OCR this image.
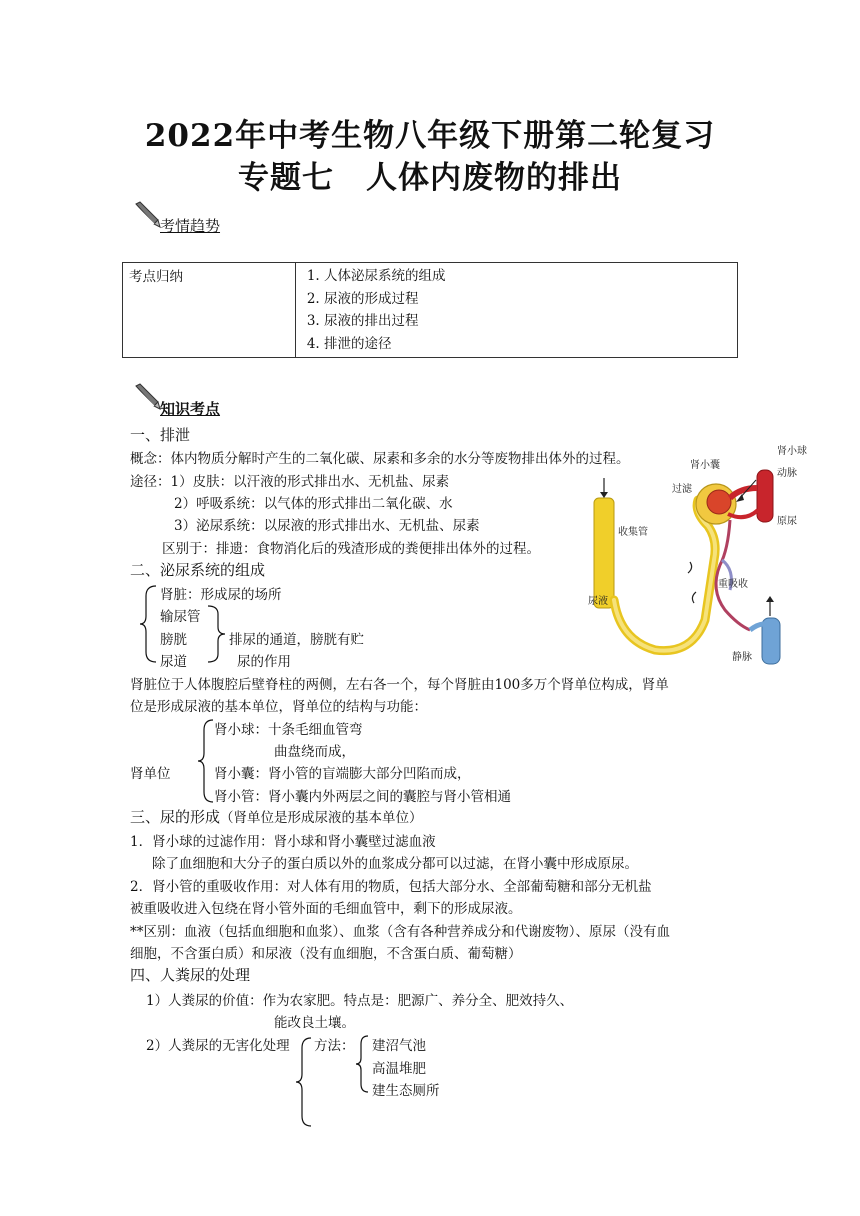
2022年中考生物八年级下册第二轮复习
专题七　人体内废物的排出
考情趋势
考点归纳	
1.人体泌尿系统的组成
2. 尿液的形成过程
3. 尿液的排出过程
4. 排泄的途径
知识考点
一、排泄
概念：体内物质分解时产生的二氧化碳、尿素和多余的水分等废物排出体外的过程。
途径：1）皮肤：以汗液的形式排出水、无机盐、尿素
2）呼吸系统：以气体的形式排出二氧化碳、水
3）泌尿系统：以尿液的形式排出水、无机盐、尿素
区别于：排遗：食物消化后的残渣形成的粪便排出体外的过程。
二、泌尿系统的组成
肾脏：形成尿的场所
输尿管
膀胱
尿道
排尿的通道，膀胱有贮
尿的作用
肾脏位于人体腹腔后壁脊柱的两侧，左右各一个，每个肾脏由100多万个肾单位构成，肾单
位是形成尿液的基本单位，肾单位的结构与功能：
肾单位
肾小球：十条毛细血管弯
曲盘绕而成，
肾小囊：肾小管的盲端膨大部分凹陷而成，
肾小管：肾小囊内外两层之间的囊腔与肾小管相通
三、尿的形成（肾单位是形成尿液的基本单位）
1．肾小球的过滤作用：肾小球和肾小囊壁过滤血液
除了血细胞和大分子的蛋白质以外的血浆成分都可以过滤，在肾小囊中形成原尿。
2．肾小管的重吸收作用：对人体有用的物质，包括大部分水、全部葡萄糖和部分无机盐
被重吸收进入包绕在肾小管外面的毛细血管中，剩下的形成尿液。
**区别：血液（包括血细胞和血浆）、血浆（含有各种营养成分和代谢废物）、原尿（没有血
细胞，不含蛋白质）和尿液（没有血细胞，不含蛋白质、葡萄糖）
四、人粪尿的处理
1）人粪尿的价值：作为农家肥。特点是：肥源广、养分全、肥效持久、
能改良土壤。
2）人粪尿的无害化处理 方法： 建沼气池
高温堆肥
建生态厕所
肾小球
肾小囊
动脉
过滤
收集管
原尿
重吸收
尿液
静脉
